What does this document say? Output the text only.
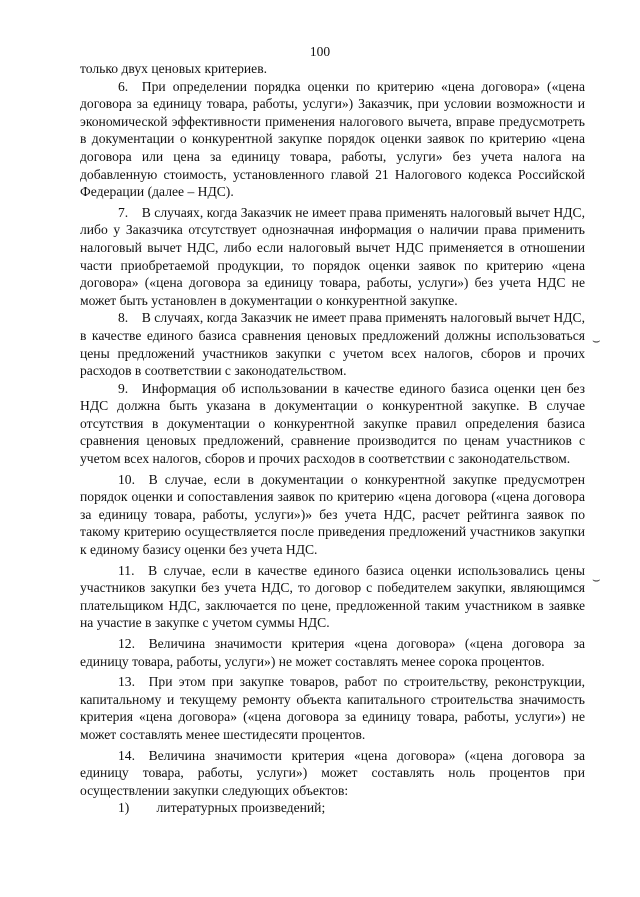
100

только двух ценовых критериев.

6. При определении порядка оценки по критерию «цена договора» («цена договора за единицу товара, работы, услуги») Заказчик, при условии возможности и экономической эффективности применения налогового вычета, вправе предусмотреть в документации о конкурентной закупке порядок оценки заявок по критерию «цена договора или цена за единицу товара, работы, услуги» без учета налога на добавленную стоимость, установленного главой 21 Налогового кодекса Российской Федерации (далее – НДС).

7. В случаях, когда Заказчик не имеет права применять налоговый вычет НДС, либо у Заказчика отсутствует однозначная информация о наличии права применить налоговый вычет НДС, либо если налоговый вычет НДС применяется в отношении части приобретаемой продукции, то порядок оценки заявок по критерию «цена договора» («цена договора за единицу товара, работы, услуги») без учета НДС не может быть установлен в документации о конкурентной закупке.

8. В случаях, когда Заказчик не имеет права применять налоговый вычет НДС, в качестве единого базиса сравнения ценовых предложений должны использоваться цены предложений участников закупки с учетом всех налогов, сборов и прочих расходов в соответствии с законодательством.

9. Информация об использовании в качестве единого базиса оценки цен без НДС должна быть указана в документации о конкурентной закупке. В случае отсутствия в документации о конкурентной закупке правил определения базиса сравнения ценовых предложений, сравнение производится по ценам участников с учетом всех налогов, сборов и прочих расходов в соответствии с законодательством.

10. В случае, если в документации о конкурентной закупке предусмотрен порядок оценки и сопоставления заявок по критерию «цена договора («цена договора за единицу товара, работы, услуги»)» без учета НДС, расчет рейтинга заявок по такому критерию осуществляется после приведения предложений участников закупки к единому базису оценки без учета НДС.

11. В случае, если в качестве единого базиса оценки использовались цены участников закупки без учета НДС, то договор с победителем закупки, являющимся плательщиком НДС, заключается по цене, предложенной таким участником в заявке на участие в закупке с учетом суммы НДС.

12. Величина значимости критерия «цена договора» («цена договора за единицу товара, работы, услуги») не может составлять менее сорока процентов.

13. При этом при закупке товаров, работ по строительству, реконструкции, капитальному и текущему ремонту объекта капитального строительства значимость критерия «цена договора» («цена договора за единицу товара, работы, услуги») не может составлять менее шестидесяти процентов.

14. Величина значимости критерия «цена договора» («цена договора за единицу товара, работы, услуги») может составлять ноль процентов при осуществлении закупки следующих объектов:

1)  литературных произведений;

⌣
⌣
